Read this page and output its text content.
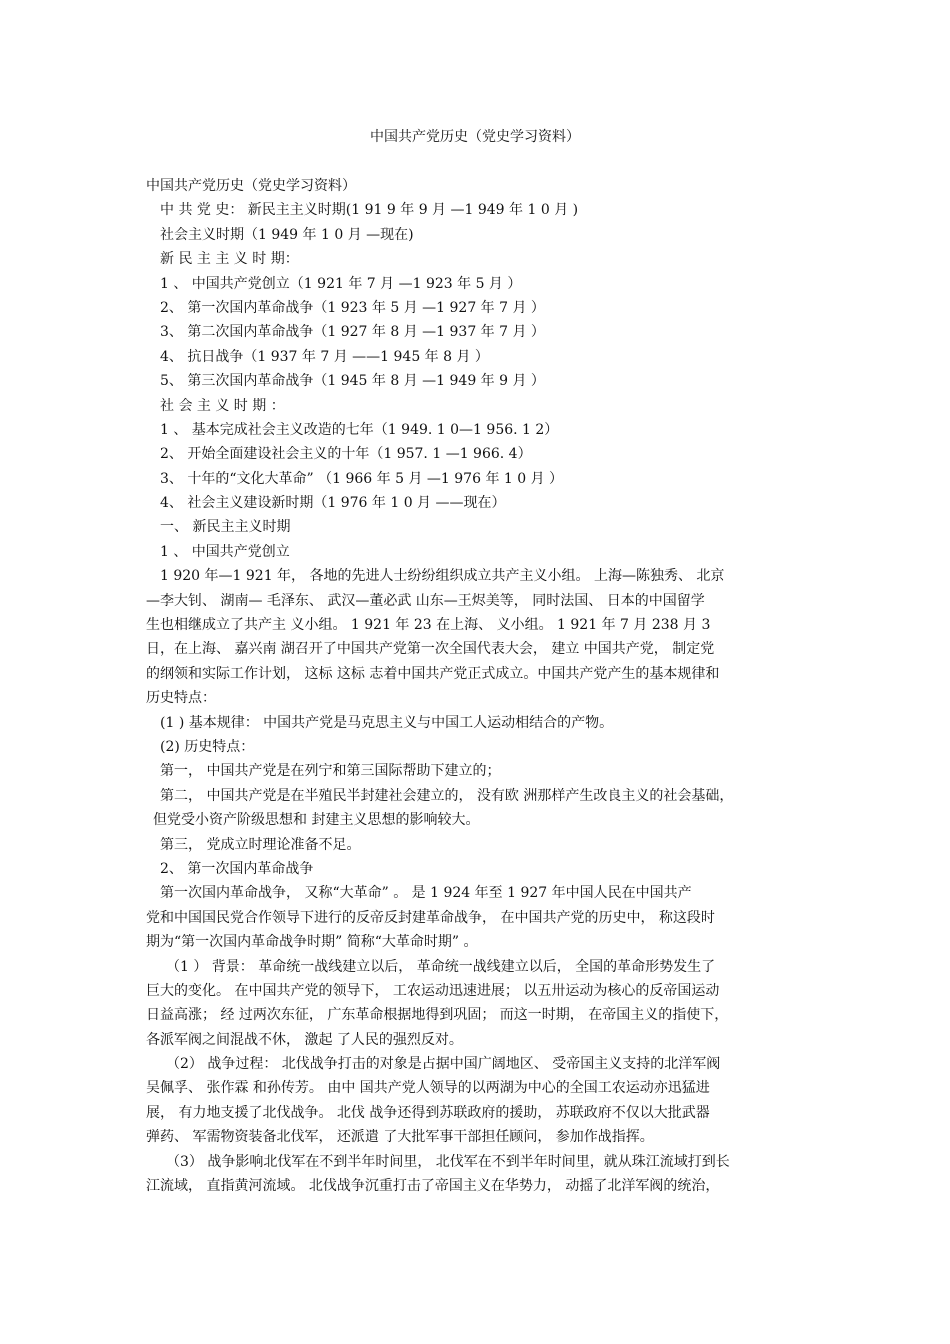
中国共产党历史（党史学习资料）
中国共产党历史（党史学习资料）
中 共 党 史： 新民主主义时期(1 91 9 年 9 月 —1 949 年 1 0 月 )
社会主义时期（1 949 年 1 0 月 —现在)
新 民 主 主 义 时 期：
1 、 中国共产党创立（1 921 年 7 月 —1 923 年 5 月 ）
2、 第一次国内革命战争（1 923 年 5 月 —1 927 年 7 月 ）
3、 第二次国内革命战争（1 927 年 8 月 —1 937 年 7 月 ）
4、 抗日战争（1 937 年 7 月 ——1 945 年 8 月 ）
5、 第三次国内革命战争（1 945 年 8 月 —1 949 年 9 月 ）
社 会 主 义 时 期 ：
1 、 基本完成社会主义改造的七年（1 949. 1 0—1 956. 1 2）
2、 开始全面建设社会主义的十年（1 957. 1 —1 966. 4）
3、 十年的“文化大革命” （1 966 年 5 月 —1 976 年 1 0 月 ）
4、 社会主义建设新时期（1 976 年 1 0 月 ——现在）
一、 新民主主义时期
1 、 中国共产党创立
1 920 年—1 921 年， 各地的先进人士纷纷组织成立共产主义小组。 上海—陈独秀、 北京
—李大钊、 湖南— 毛泽东、 武汉—董必武 山东—王烬美等， 同时法国、 日本的中国留学
生也相继成立了共产主 义小组。 1 921 年 23 在上海、 义小组。 1 921 年 7 月 238 月 3
日，在上海、 嘉兴南 湖召开了中国共产党第一次全国代表大会， 建立 中国共产党， 制定党
的纲领和实际工作计划， 这标 这标 志着中国共产党正式成立。中国共产党产生的基本规律和
历史特点：
(1 ) 基本规律： 中国共产党是马克思主义与中国工人运动相结合的产物。
(2) 历史特点：
第一， 中国共产党是在列宁和第三国际帮助下建立的；
第二， 中国共产党是在半殖民半封建社会建立的， 没有欧 洲那样产生改良主义的社会基础，
但党受小资产阶级思想和 封建主义思想的影响较大。
第三， 党成立时理论准备不足。
2、 第一次国内革命战争
第一次国内革命战争， 又称“大革命” 。 是 1 924 年至 1 927 年中国人民在中国共产
党和中国国民党合作领导下进行的反帝反封建革命战争， 在中国共产党的历史中， 称这段时
期为“第一次国内革命战争时期” 简称“大革命时期” 。
（1 ） 背景： 革命统一战线建立以后， 革命统一战线建立以后， 全国的革命形势发生了
巨大的变化。 在中国共产党的领导下， 工农运动迅速进展； 以五卅运动为核心的反帝国运动
日益高涨； 经 过两次东征， 广东革命根据地得到巩固； 而这一时期， 在帝国主义的指使下，
各派军阀之间混战不休， 激起 了人民的强烈反对。
（2） 战争过程： 北伐战争打击的对象是占据中国广阔地区、 受帝国主义支持的北洋军阀
吴佩孚、 张作霖 和孙传芳。 由中 国共产党人领导的以两湖为中心的全国工农运动亦迅猛进
展， 有力地支援了北伐战争。 北伐 战争还得到苏联政府的援助， 苏联政府不仅以大批武器
弹药、 军需物资装备北伐军， 还派遣 了大批军事干部担任顾问， 参加作战指挥。
（3） 战争影响北伐军在不到半年时间里， 北伐军在不到半年时间里，就从珠江流域打到长
江流域， 直指黄河流域。 北伐战争沉重打击了帝国主义在华势力， 动摇了北洋军阀的统治，
